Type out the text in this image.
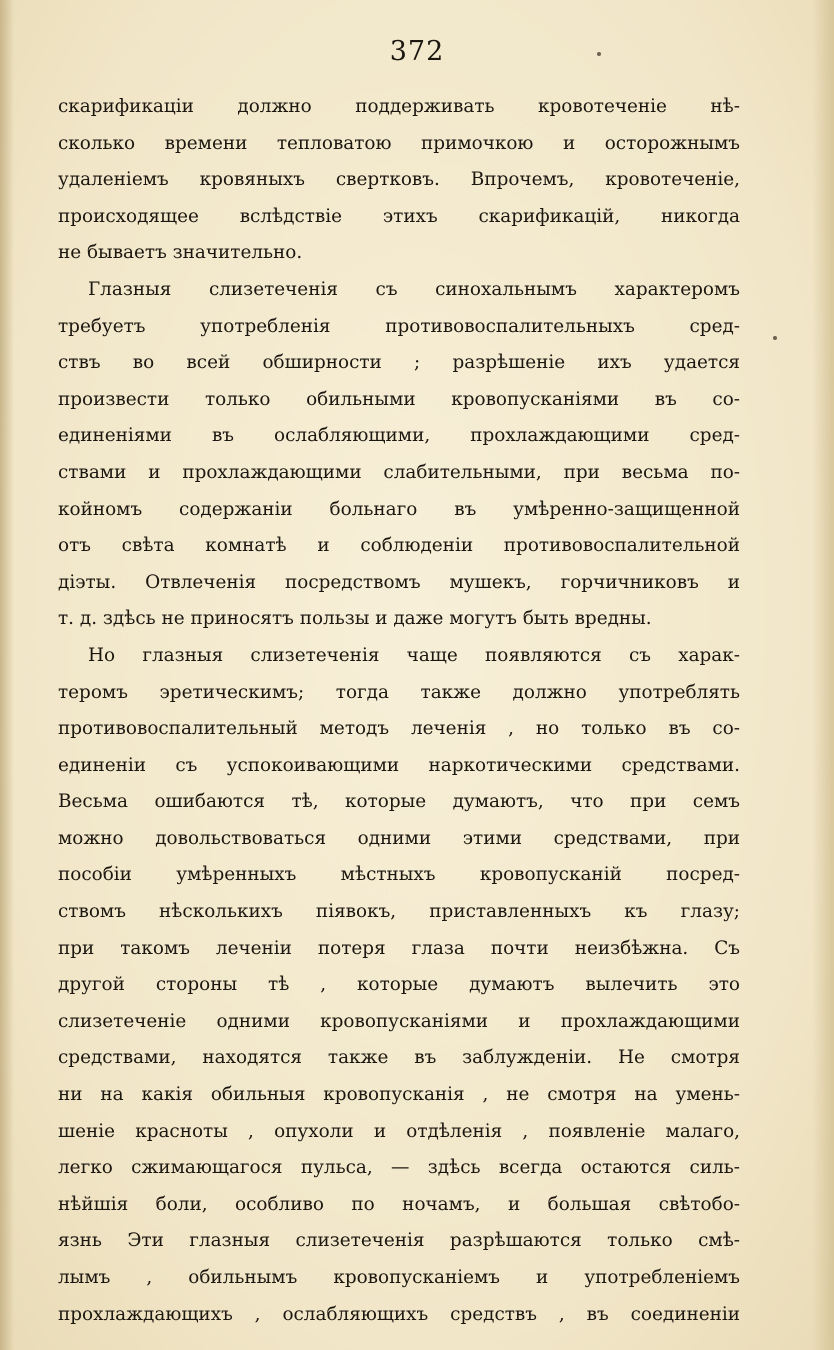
372
скарификаціи должно поддерживать кровотеченіе нѣ-
сколько времени тепловатою примочкою и осторожнымъ
удаленіемъ кровяныхъ свертковъ. Впрочемъ, кровотеченіе,
происходящее вслѣдствіе этихъ скарификацій, никогда
не бываетъ значительно.
Глазныя слизетеченія съ синохальнымъ характеромъ
требуетъ употребленія противовоспалительныхъ сред-
ствъ во всей обширности ; разрѣшеніе ихъ удается
произвести только обильными кровопусканіями въ со-
единеніями въ ослабляющими, прохлаждающими сред-
ствами и прохлаждающими слабительными, при весьма по-
койномъ содержаніи больнаго въ умѣренно-защищенной
отъ свѣта комнатѣ и соблюденіи противовоспалительной
діэты. Отвлеченія посредствомъ мушекъ, горчичниковъ и
т. д. здѣсь не приносятъ пользы и даже могутъ быть вредны.
Но глазныя слизетеченія чаще появляются съ харак-
теромъ эретическимъ; тогда также должно употреблять
противовоспалительный методъ леченія , но только въ со-
единеніи съ успокоивающими наркотическими средствами.
Весьма ошибаются тѣ, которые думаютъ, что при семъ
можно довольствоваться одними этими средствами, при
пособіи умѣренныхъ мѣстныхъ кровопусканій посред-
ствомъ нѣсколькихъ піявокъ, приставленныхъ къ глазу;
при такомъ леченіи потеря глаза почти неизбѣжна. Съ
другой стороны тѣ , которые думаютъ вылечить это
слизетеченіе одними кровопусканіями и прохлаждающими
средствами, находятся также въ заблужденіи. Не смотря
ни на какія обильныя кровопусканія , не смотря на умень-
шеніе красноты , опухоли и отдѣленія , появленіе малаго,
легко сжимающагося пульса, — здѣсь всегда остаются силь-
нѣйшія боли, особливо по ночамъ, и большая свѣтобо-
язнь Эти глазныя слизетеченія разрѣшаются только смѣ-
лымъ , обильнымъ кровопусканіемъ и употребленіемъ
прохлаждающихъ , ослабляющихъ средствъ , въ соединеніи
